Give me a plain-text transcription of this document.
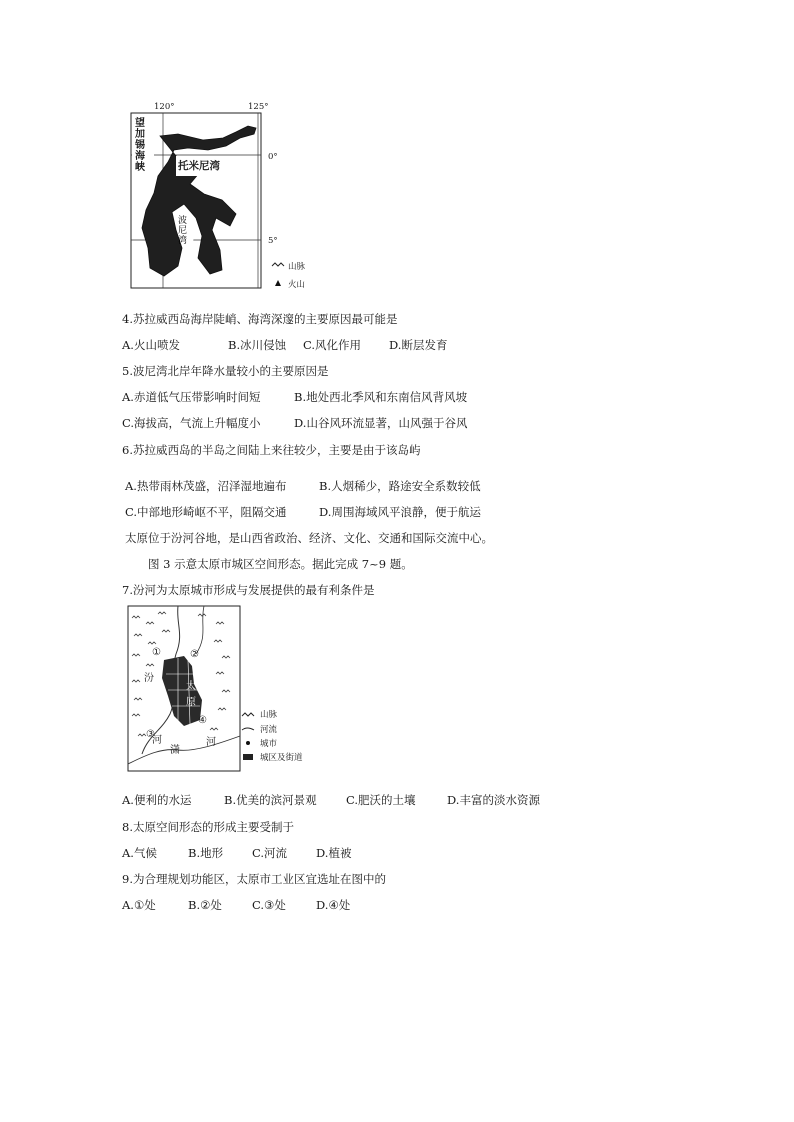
120°	125°
0°
5°
望加锡海峡	托米尼湾
波尼湾
山脉
火山
4.苏拉威西岛海岸陡峭、海湾深邃的主要原因最可能是
A.火山喷发	B.冰川侵蚀 C.风化作用 D.断层发育
5.波尼湾北岸年降水量较小的主要原因是
A.赤道低气压带影响时间短	B.地处西北季风和东南信风背风坡
C.海拔高，气流上升幅度小	D.山谷风环流显著，山风强于谷风
6.苏拉威西岛的半岛之间陆上来往较少，主要是由于该岛屿
A.热带雨林茂盛，沼泽湿地遍布	B.人烟稀少，路途安全系数较低
C.中部地形崎岖不平，阻隔交通	D.周围海域风平浪静，便于航运
太原位于汾河谷地，是山西省政治、经济、文化、交通和国际交流中心。
图 3 示意太原市城区空间形态。据此完成 7~9 题。
7.汾河为太原城市形成与发展提供的最有利条件是
汾
河
太
原
潇
河
①	②
③
④	山脉
河流
城市
城区及街道
A.便利的水运	B.优美的滨河景观	C.肥沃的土壤	D.丰富的淡水资源
8.太原空间形态的形成主要受制于
A.气候	B.地形	C.河流	D.植被
9.为合理规划功能区，太原市工业区宜选址在图中的
A.①处	B.②处	C.③处	D.④处
